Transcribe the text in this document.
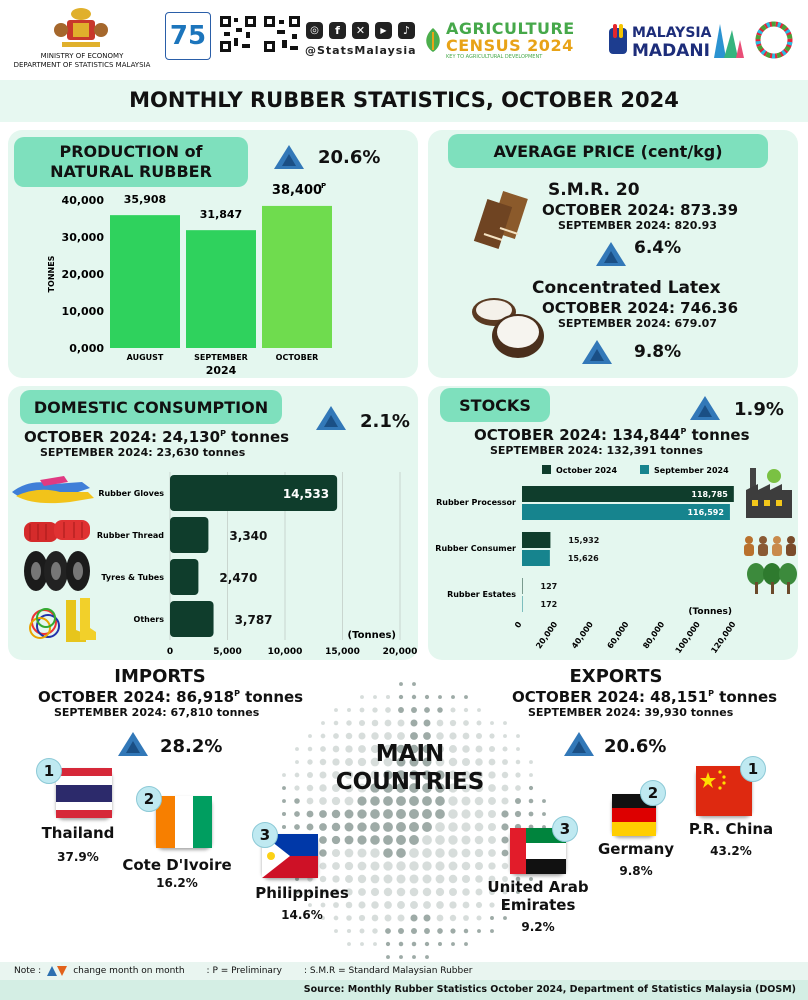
MINISTRY OF ECONOMY
DEPARTMENT OF STATISTICS MALAYSIA
75	◎	f	✕	▶	♪
@StatsMalaysia
AGRICULTURE
CENSUS 2024
KEY TO AGRICULTURAL DEVELOPMENT
MALAYSIA
MADANI
MONTHLY RUBBER STATISTICS, OCTOBER 2024
PRODUCTION of
NATURAL RUBBER
20.6%
0,000
10,000
20,000
30,000
40,000
TONNES
35,908
AUGUST
31,847
SEPTEMBER
38,400
P
OCTOBER
2024
AVERAGE PRICE (cent/kg)
S.M.R. 20
OCTOBER 2024: 873.39
SEPTEMBER 2024: 820.93
6.4%
Concentrated Latex
OCTOBER 2024: 746.36
SEPTEMBER 2024: 679.07
9.8%
DOMESTIC CONSUMPTION
2.1%
OCTOBER 2024: $24,130^P$ tonnes
SEPTEMBER 2024: 23,630 tonnes
0	5,000	10,000	15,000	20,000
Rubber Gloves	14,533
Rubber Thread	3,340
Tyres & Tubes	2,470
Others	3,787
(Tonnes)
STOCKS	1.9%
OCTOBER 2024: $134,844^P$ tonnes
SEPTEMBER 2024: 132,391 tonnes
October 2024	September 2024
Rubber Processor
118,785
116,592
Rubber Consumer
15,932
15,626
Rubber Estates
127
172
0 20,000 40,000 60,000 80,000 100,000 120,000
(Tonnes)
IMPORTS
OCTOBER 2024: $86,918^P$ tonnes
SEPTEMBER 2024: 67,810 tonnes
28.2%
EXPORTS
OCTOBER 2024: $48,151^P$ tonnes
SEPTEMBER 2024: 39,930 tonnes
20.6%
MAIN
COUNTRIES
1
Thailand
37.9%
2
Cote D'Ivoire
16.2%
3
Philippines
14.6%
3
United Arab
Emirates
9.2%
2
Germany
9.8%
1
P.R. China
43.2%
Note :	change month on month : P = Preliminary : S.M.R = Standard Malaysian Rubber
Source: Monthly Rubber Statistics October 2024, Department of Statistics Malaysia (DOSM)
